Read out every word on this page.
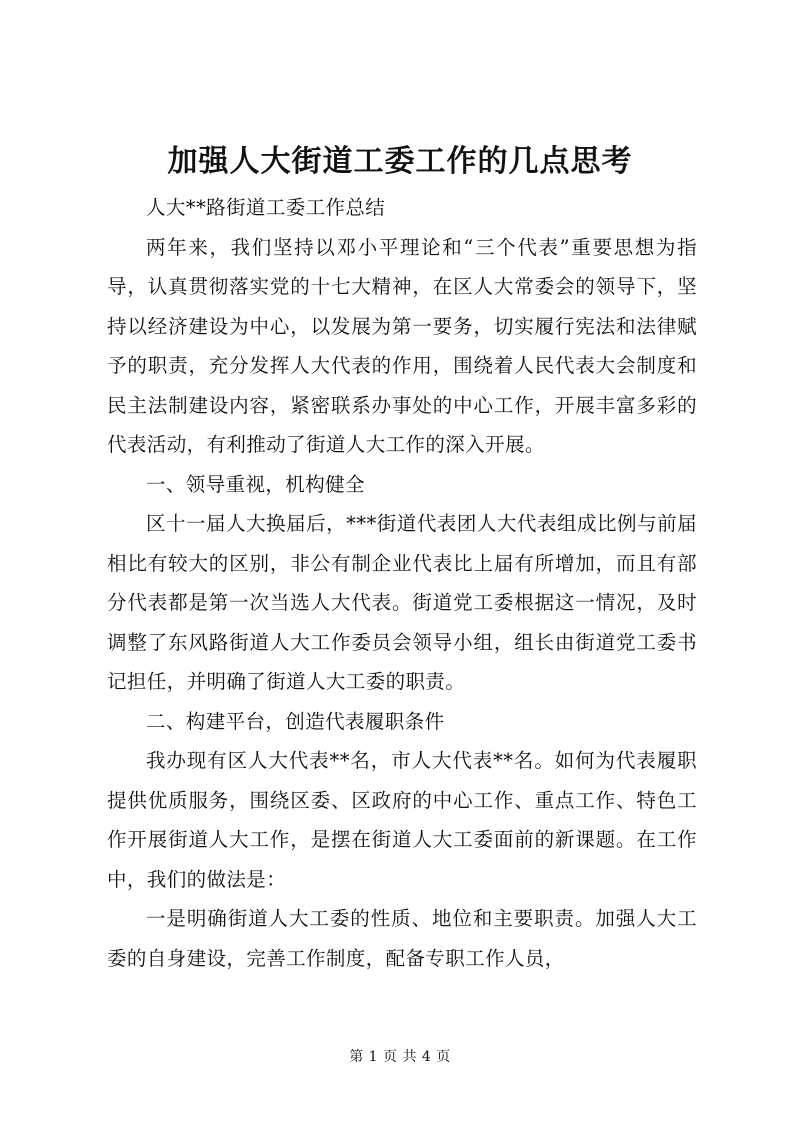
加强人大街道工委工作的几点思考

人大**路街道工委工作总结

两年来，我们坚持以邓小平理论和“三个代表”重要思想为指导，认真贯彻落实党的十七大精神，在区人大常委会的领导下，坚持以经济建设为中心，以发展为第一要务，切实履行宪法和法律赋予的职责，充分发挥人大代表的作用，围绕着人民代表大会制度和民主法制建设内容，紧密联系办事处的中心工作，开展丰富多彩的代表活动，有利推动了街道人大工作的深入开展。

一、领导重视，机构健全

区十一届人大换届后，***街道代表团人大代表组成比例与前届相比有较大的区别，非公有制企业代表比上届有所增加，而且有部分代表都是第一次当选人大代表。街道党工委根据这一情况，及时调整了东风路街道人大工作委员会领导小组，组长由街道党工委书记担任，并明确了街道人大工委的职责。

二、构建平台，创造代表履职条件

我办现有区人大代表**名，市人大代表**名。如何为代表履职提供优质服务，围绕区委、区政府的中心工作、重点工作、特色工作开展街道人大工作，是摆在街道人大工委面前的新课题。在工作中，我们的做法是：

一是明确街道人大工委的性质、地位和主要职责。加强人大工委的自身建设，完善工作制度，配备专职工作人员，

第 1 页 共 4 页
